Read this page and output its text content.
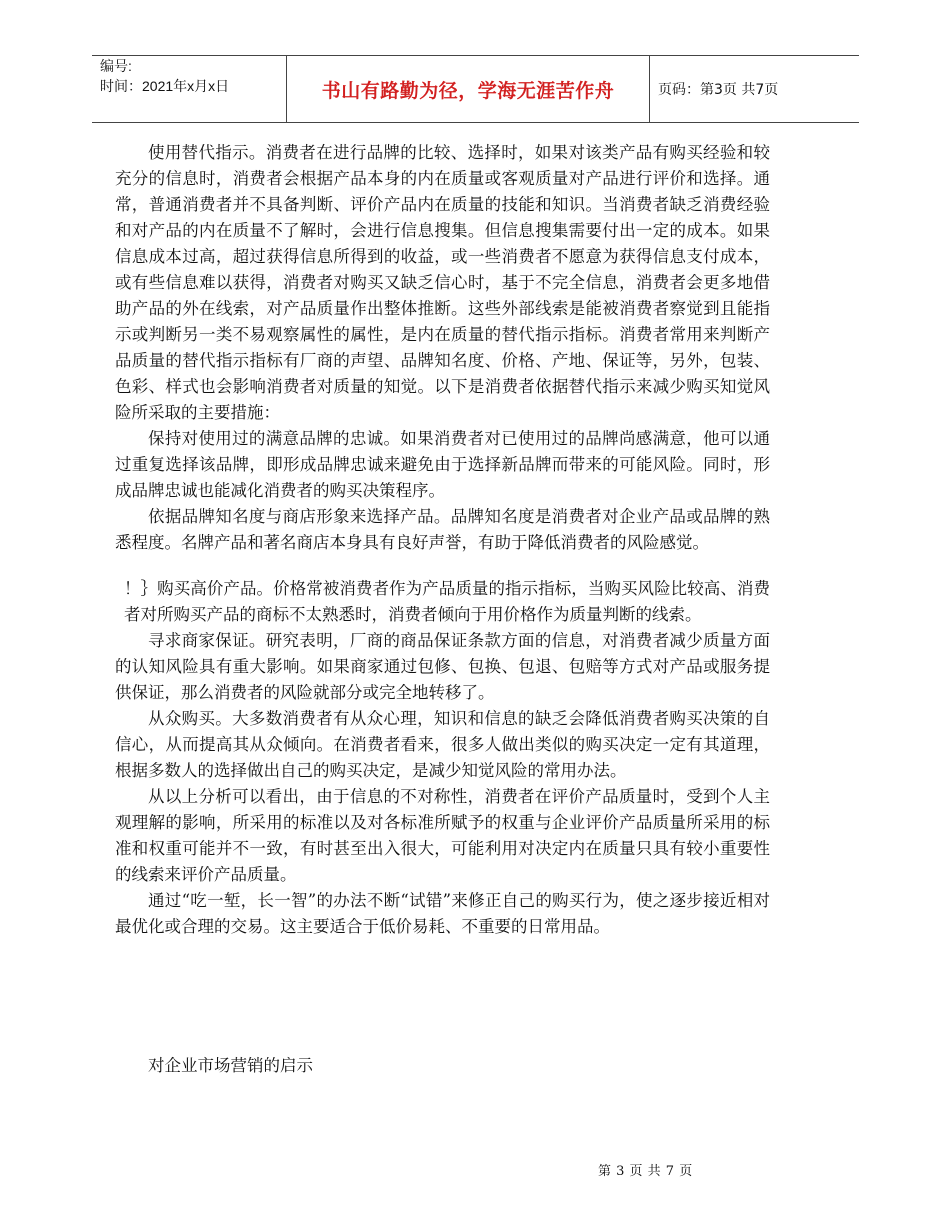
编号:
时间：2021年x月x日	书山有路勤为径，学海无涯苦作舟	页码：第3页 共7页

使用替代指示。消费者在进行品牌的比较、选择时，如果对该类产品有购买经验和较充分的信息时，消费者会根据产品本身的内在质量或客观质量对产品进行评价和选择。通常，普通消费者并不具备判断、评价产品内在质量的技能和知识。当消费者缺乏消费经验和对产品的内在质量不了解时，会进行信息搜集。但信息搜集需要付出一定的成本。如果信息成本过高，超过获得信息所得到的收益，或一些消费者不愿意为获得信息支付成本，或有些信息难以获得，消费者对购买又缺乏信心时，基于不完全信息，消费者会更多地借助产品的外在线索，对产品质量作出整体推断。这些外部线索是能被消费者察觉到且能指示或判断另一类不易观察属性的属性，是内在质量的替代指示指标。消费者常用来判断产品质量的替代指示指标有厂商的声望、品牌知名度、价格、产地、保证等，另外，包装、色彩、样式也会影响消费者对质量的知觉。以下是消费者依据替代指示来减少购买知觉风险所采取的主要措施：

保持对使用过的满意品牌的忠诚。如果消费者对已使用过的品牌尚感满意，他可以通过重复选择该品牌，即形成品牌忠诚来避免由于选择新品牌而带来的可能风险。同时，形成品牌忠诚也能减化消费者的购买决策程序。

依据品牌知名度与商店形象来选择产品。品牌知名度是消费者对企业产品或品牌的熟悉程度。名牌产品和著名商店本身具有良好声誉，有助于降低消费者的风险感觉。

！｝购买高价产品。价格常被消费者作为产品质量的指示指标，当购买风险比较高、消费者对所购买产品的商标不太熟悉时，消费者倾向于用价格作为质量判断的线索。

寻求商家保证。研究表明，厂商的商品保证条款方面的信息，对消费者减少质量方面的认知风险具有重大影响。如果商家通过包修、包换、包退、包赔等方式对产品或服务提供保证，那么消费者的风险就部分或完全地转移了。

从众购买。大多数消费者有从众心理，知识和信息的缺乏会降低消费者购买决策的自信心，从而提高其从众倾向。在消费者看来，很多人做出类似的购买决定一定有其道理，根据多数人的选择做出自己的购买决定，是减少知觉风险的常用办法。

从以上分析可以看出，由于信息的不对称性，消费者在评价产品质量时，受到个人主观理解的影响，所采用的标准以及对各标准所赋予的权重与企业评价产品质量所采用的标准和权重可能并不一致，有时甚至出入很大，可能利用对决定内在质量只具有较小重要性的线索来评价产品质量。

通过“吃一堑，长一智”的办法不断“试错”来修正自己的购买行为，使之逐步接近相对最优化或合理的交易。这主要适合于低价易耗、不重要的日常用品。

对企业市场营销的启示
第 3 页 共 7 页
